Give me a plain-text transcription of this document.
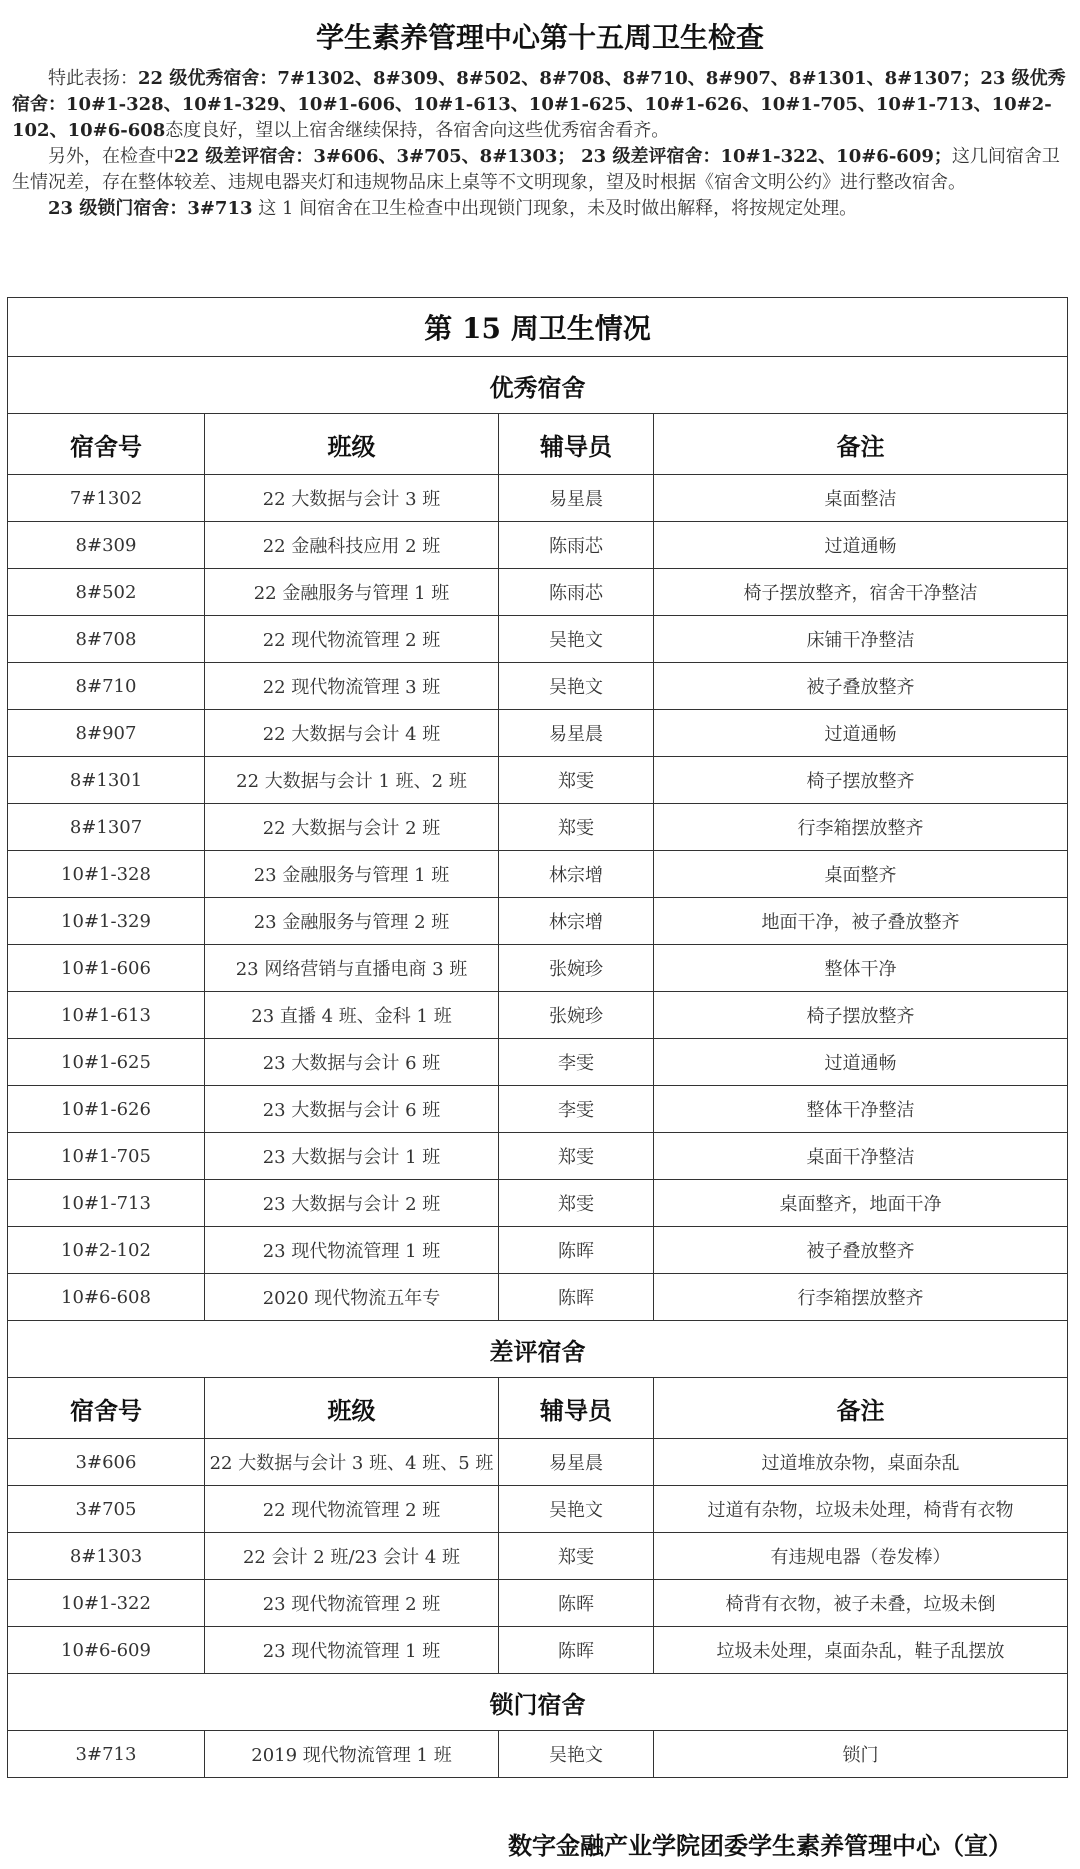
学生素养管理中心第十五周卫生检查

特此表扬：22 级优秀宿舍：7#1302、8#309、8#502、8#708、8#710、8#907、8#1301、8#1307；23 级优秀宿舍：10#1-328、10#1-329、10#1-606、10#1-613、10#1-625、10#1-626、10#1-705、10#1-713、10#2-102、10#6-608态度良好，望以上宿舍继续保持，各宿舍向这些优秀宿舍看齐。

另外，在检查中22 级差评宿舍：3#606、3#705、8#1303； 23 级差评宿舍：10#1-322、10#6-609；这几间宿舍卫生情况差，存在整体较差、违规电器夹灯和违规物品床上桌等不文明现象，望及时根据《宿舍文明公约》进行整改宿舍。

23 级锁门宿舍：3#713 这 1 间宿舍在卫生检查中出现锁门现象，未及时做出解释，将按规定处理。

第 15 周卫生情况			
优秀宿舍			
宿舍号	班级	辅导员	备注
7#1302	22 大数据与会计 3 班	易星晨	桌面整洁
8#309	22 金融科技应用 2 班	陈雨芯	过道通畅
8#502	22 金融服务与管理 1 班	陈雨芯	椅子摆放整齐，宿舍干净整洁
8#708	22 现代物流管理 2 班	吴艳文	床铺干净整洁
8#710	22 现代物流管理 3 班	吴艳文	被子叠放整齐
8#907	22 大数据与会计 4 班	易星晨	过道通畅
8#1301	22 大数据与会计 1 班、2 班	郑雯	椅子摆放整齐
8#1307	22 大数据与会计 2 班	郑雯	行李箱摆放整齐
10#1-328	23 金融服务与管理 1 班	林宗增	桌面整齐
10#1-329	23 金融服务与管理 2 班	林宗增	地面干净，被子叠放整齐
10#1-606	23 网络营销与直播电商 3 班	张婉珍	整体干净
10#1-613	23 直播 4 班、金科 1 班	张婉珍	椅子摆放整齐
10#1-625	23 大数据与会计 6 班	李雯	过道通畅
10#1-626	23 大数据与会计 6 班	李雯	整体干净整洁
10#1-705	23 大数据与会计 1 班	郑雯	桌面干净整洁
10#1-713	23 大数据与会计 2 班	郑雯	桌面整齐，地面干净
10#2-102	23 现代物流管理 1 班	陈晖	被子叠放整齐
10#6-608	2020 现代物流五年专	陈晖	行李箱摆放整齐
差评宿舍			
宿舍号	班级	辅导员	备注
3#606	22 大数据与会计 3 班、4 班、5 班	易星晨	过道堆放杂物，桌面杂乱
3#705	22 现代物流管理 2 班	吴艳文	过道有杂物，垃圾未处理，椅背有衣物
8#1303	22 会计 2 班/23 会计 4 班	郑雯	有违规电器（卷发棒）
10#1-322	23 现代物流管理 2 班	陈晖	椅背有衣物，被子未叠，垃圾未倒
10#6-609	23 现代物流管理 1 班	陈晖	垃圾未处理，桌面杂乱，鞋子乱摆放
锁门宿舍			
3#713	2019 现代物流管理 1 班	吴艳文	锁门
数字金融产业学院团委学生素养管理中心（宣）
